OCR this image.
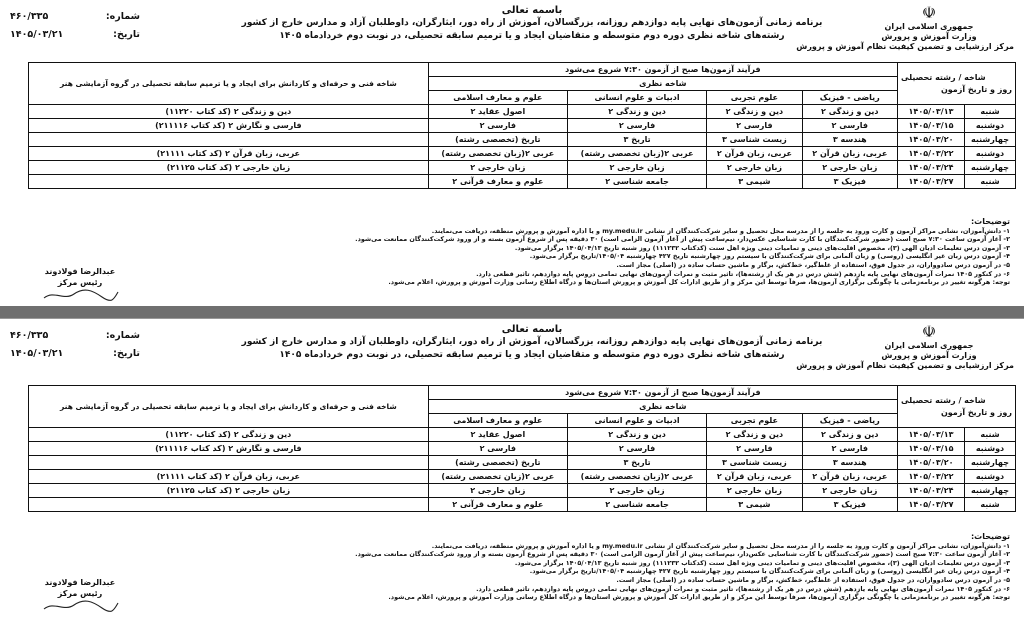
☫
جمهوری اسلامی ایران
وزارت آموزش و پرورش
مرکز ارزشیابی و تضمین کیفیت نظام آموزش و پرورش
باسمه تعالی
برنامه زمانی آزمون‌های نهایی پایه دوازدهم روزانه، بزرگسالان، آموزش از راه دور، ایثارگران، داوطلبان آزاد و مدارس خارج از کشور
رشته‌های شاخه نظری دوره دوم متوسطه و متقاضیان ایجاد و یا ترمیم سابقه تحصیلی، در نوبت دوم خردادماه ۱۴۰۵
شماره:
۴۶۰/۳۳۵
تاریخ:
۱۴۰۵/۰۳/۲۱
شاخه / رشته تحصیلی
روز و تاریخ آزمون		فرآیند آزمون‌ها صبح از آزمون ۷:۳۰ شروع می‌شود				شاخه فنی و حرفه‌ای و کاردانش برای ایجاد و یا ترمیم سابقه تحصیلی در گروه آزمایشی هنر
		شاخه نظری				
		ریاضی - فیزیک	علوم تجربی	ادبیات و علوم انسانی	علوم و معارف اسلامی	
شنبه	۱۴۰۵/۰۳/۱۳	دین و زندگی ۲	دین و زندگی ۲	دین و زندگی ۲	اصول عقاید ۲	دین و زندگی ۲ (کد کتاب ۱۱۲۲۰)
دوشنبه	۱۴۰۵/۰۳/۱۵	فارسی ۲	فارسی ۲	فارسی ۲	فارسی ۲	فارسی و نگارش ۲ (کد کتاب ۲۱۱۱۱۶)
چهارشنبه	۱۴۰۵/۰۳/۲۰	هندسه ۳	زیست شناسی ۳	تاریخ ۳	تاریخ (تخصصی رشته)	
دوشنبه	۱۴۰۵/۰۳/۲۲	عربی، زبان قرآن ۲	عربی، زبان قرآن ۲	عربی ۲(زبان تخصصی رشته)	عربی ۲(زبان تخصصی رشته)	عربی، زبان قرآن ۲ (کد کتاب ۲۱۱۱۱)
چهارشنبه	۱۴۰۵/۰۳/۲۴	زبان خارجی ۲	زبان خارجی ۲	زبان خارجی ۲	زبان خارجی ۲	زبان خارجی ۲ (کد کتاب ۲۱۱۲۵)
شنبه	۱۴۰۵/۰۳/۲۷	فیزیک ۳	شیمی ۳	جامعه شناسی ۲	علوم و معارف قرآنی ۲	
توضیحات:
۱- دانش‌آموزان، نشانی مراکز آزمون و کارت ورود به جلسه را از مدرسه محل تحصیل و سایر شرکت‌کنندگان از نشانی my.medu.ir و یا اداره آموزش و پرورش منطقه، دریافت می‌نمایند.
۲- آغاز آزمون ساعت ۷:۳۰ صبح است (حضور شرکت‌کنندگان با کارت شناسایی عکس‌دار، نیم‌ساعت پیش از آغاز آزمون الزامی است) ۳۰ دقیقه پس از شروع آزمون بسته و از ورود شرکت‌کنندگان ممانعت می‌شود.
۳- آزمون درس تعلیمات ادیان الهی (۳)، مخصوص اقلیت‌های دینی و تمامیات دینی ویژه اهل سنت (کدکتاب ۱۱۱۲۳۲) روز شنبه تاریخ ۱۴۰۵/۰۴/۱۳ برگزار می‌شود.
۴- آزمون درس زبان غیر انگلیسی (روسی) و زبان آلمانی برای شرکت‌کنندگان با سیستم روز چهارشنبه تاریخ ۴۲۷ چهارشنبه ۱۴۰۵/۰۴/تاریخ برگزار می‌شود.
۵- در آزمون درس سادوواران، در جدول فوق، استفاده از غلط‌گیر، خط‌کش، برگار و ماشین حساب ساده در (اصلی) مجاز است.
۶- در کنکور ۱۴۰۵ نمرات آزمون‌های نهایی پایه یازدهم (شش درس در هر یک از رشته‌ها)، تاثیر مثبت و نمرات آزمون‌های نهایی تمامی دروس پایه دوازدهم، تاثیر قطعی دارد.
توجه: هرگونه تغییر در برنامه‌زمانی یا چگونگی برگزاری آزمون‌ها، صرفاً توسط این مرکز و از طریق ادارات کل آموزش و پرورش استان‌ها و درگاه اطلاع رسانی وزارت آموزش و پرورش، اعلام می‌شود.
عبدالرضا فولادوند
رئیس مرکز
☫
جمهوری اسلامی ایران
وزارت آموزش و پرورش
مرکز ارزشیابی و تضمین کیفیت نظام آموزش و پرورش
باسمه تعالی
برنامه زمانی آزمون‌های نهایی پایه دوازدهم روزانه، بزرگسالان، آموزش از راه دور، ایثارگران، داوطلبان آزاد و مدارس خارج از کشور
رشته‌های شاخه نظری دوره دوم متوسطه و متقاضیان ایجاد و یا ترمیم سابقه تحصیلی، در نوبت دوم خردادماه ۱۴۰۵
شماره:
۴۶۰/۳۳۵
تاریخ:
۱۴۰۵/۰۳/۲۱
شاخه / رشته تحصیلی
روز و تاریخ آزمون		فرآیند آزمون‌ها صبح از آزمون ۷:۳۰ شروع می‌شود				شاخه فنی و حرفه‌ای و کاردانش برای ایجاد و یا ترمیم سابقه تحصیلی در گروه آزمایشی هنر
		شاخه نظری				
		ریاضی - فیزیک	علوم تجربی	ادبیات و علوم انسانی	علوم و معارف اسلامی	
شنبه	۱۴۰۵/۰۳/۱۳	دین و زندگی ۲	دین و زندگی ۲	دین و زندگی ۲	اصول عقاید ۲	دین و زندگی ۲ (کد کتاب ۱۱۲۲۰)
دوشنبه	۱۴۰۵/۰۳/۱۵	فارسی ۲	فارسی ۲	فارسی ۲	فارسی ۲	فارسی و نگارش ۲ (کد کتاب ۲۱۱۱۱۶)
چهارشنبه	۱۴۰۵/۰۳/۲۰	هندسه ۳	زیست شناسی ۳	تاریخ ۳	تاریخ (تخصصی رشته)	
دوشنبه	۱۴۰۵/۰۳/۲۲	عربی، زبان قرآن ۲	عربی، زبان قرآن ۲	عربی ۲(زبان تخصصی رشته)	عربی ۲(زبان تخصصی رشته)	عربی، زبان قرآن ۲ (کد کتاب ۲۱۱۱۱)
چهارشنبه	۱۴۰۵/۰۳/۲۴	زبان خارجی ۲	زبان خارجی ۲	زبان خارجی ۲	زبان خارجی ۲	زبان خارجی ۲ (کد کتاب ۲۱۱۲۵)
شنبه	۱۴۰۵/۰۳/۲۷	فیزیک ۳	شیمی ۳	جامعه شناسی ۲	علوم و معارف قرآنی ۲	
توضیحات:
۱- دانش‌آموزان، نشانی مراکز آزمون و کارت ورود به جلسه را از مدرسه محل تحصیل و سایر شرکت‌کنندگان از نشانی my.medu.ir و یا اداره آموزش و پرورش منطقه، دریافت می‌نمایند.
۲- آغاز آزمون ساعت ۷:۳۰ صبح است (حضور شرکت‌کنندگان با کارت شناسایی عکس‌دار، نیم‌ساعت پیش از آغاز آزمون الزامی است) ۳۰ دقیقه پس از شروع آزمون بسته و از ورود شرکت‌کنندگان ممانعت می‌شود.
۳- آزمون درس تعلیمات ادیان الهی (۳)، مخصوص اقلیت‌های دینی و تمامیات دینی ویژه اهل سنت (کدکتاب ۱۱۱۲۳۲) روز شنبه تاریخ ۱۴۰۵/۰۴/۱۳ برگزار می‌شود.
۴- آزمون درس زبان غیر انگلیسی (روسی) و زبان آلمانی برای شرکت‌کنندگان با سیستم روز چهارشنبه تاریخ ۴۲۷ چهارشنبه ۱۴۰۵/۰۴/تاریخ برگزار می‌شود.
۵- در آزمون درس سادوواران، در جدول فوق، استفاده از غلط‌گیر، خط‌کش، برگار و ماشین حساب ساده در (اصلی) مجاز است.
۶- در کنکور ۱۴۰۵ نمرات آزمون‌های نهایی پایه یازدهم (شش درس در هر یک از رشته‌ها)، تاثیر مثبت و نمرات آزمون‌های نهایی تمامی دروس پایه دوازدهم، تاثیر قطعی دارد.
توجه: هرگونه تغییر در برنامه‌زمانی یا چگونگی برگزاری آزمون‌ها، صرفاً توسط این مرکز و از طریق ادارات کل آموزش و پرورش استان‌ها و درگاه اطلاع رسانی وزارت آموزش و پرورش، اعلام می‌شود.
عبدالرضا فولادوند
رئیس مرکز
